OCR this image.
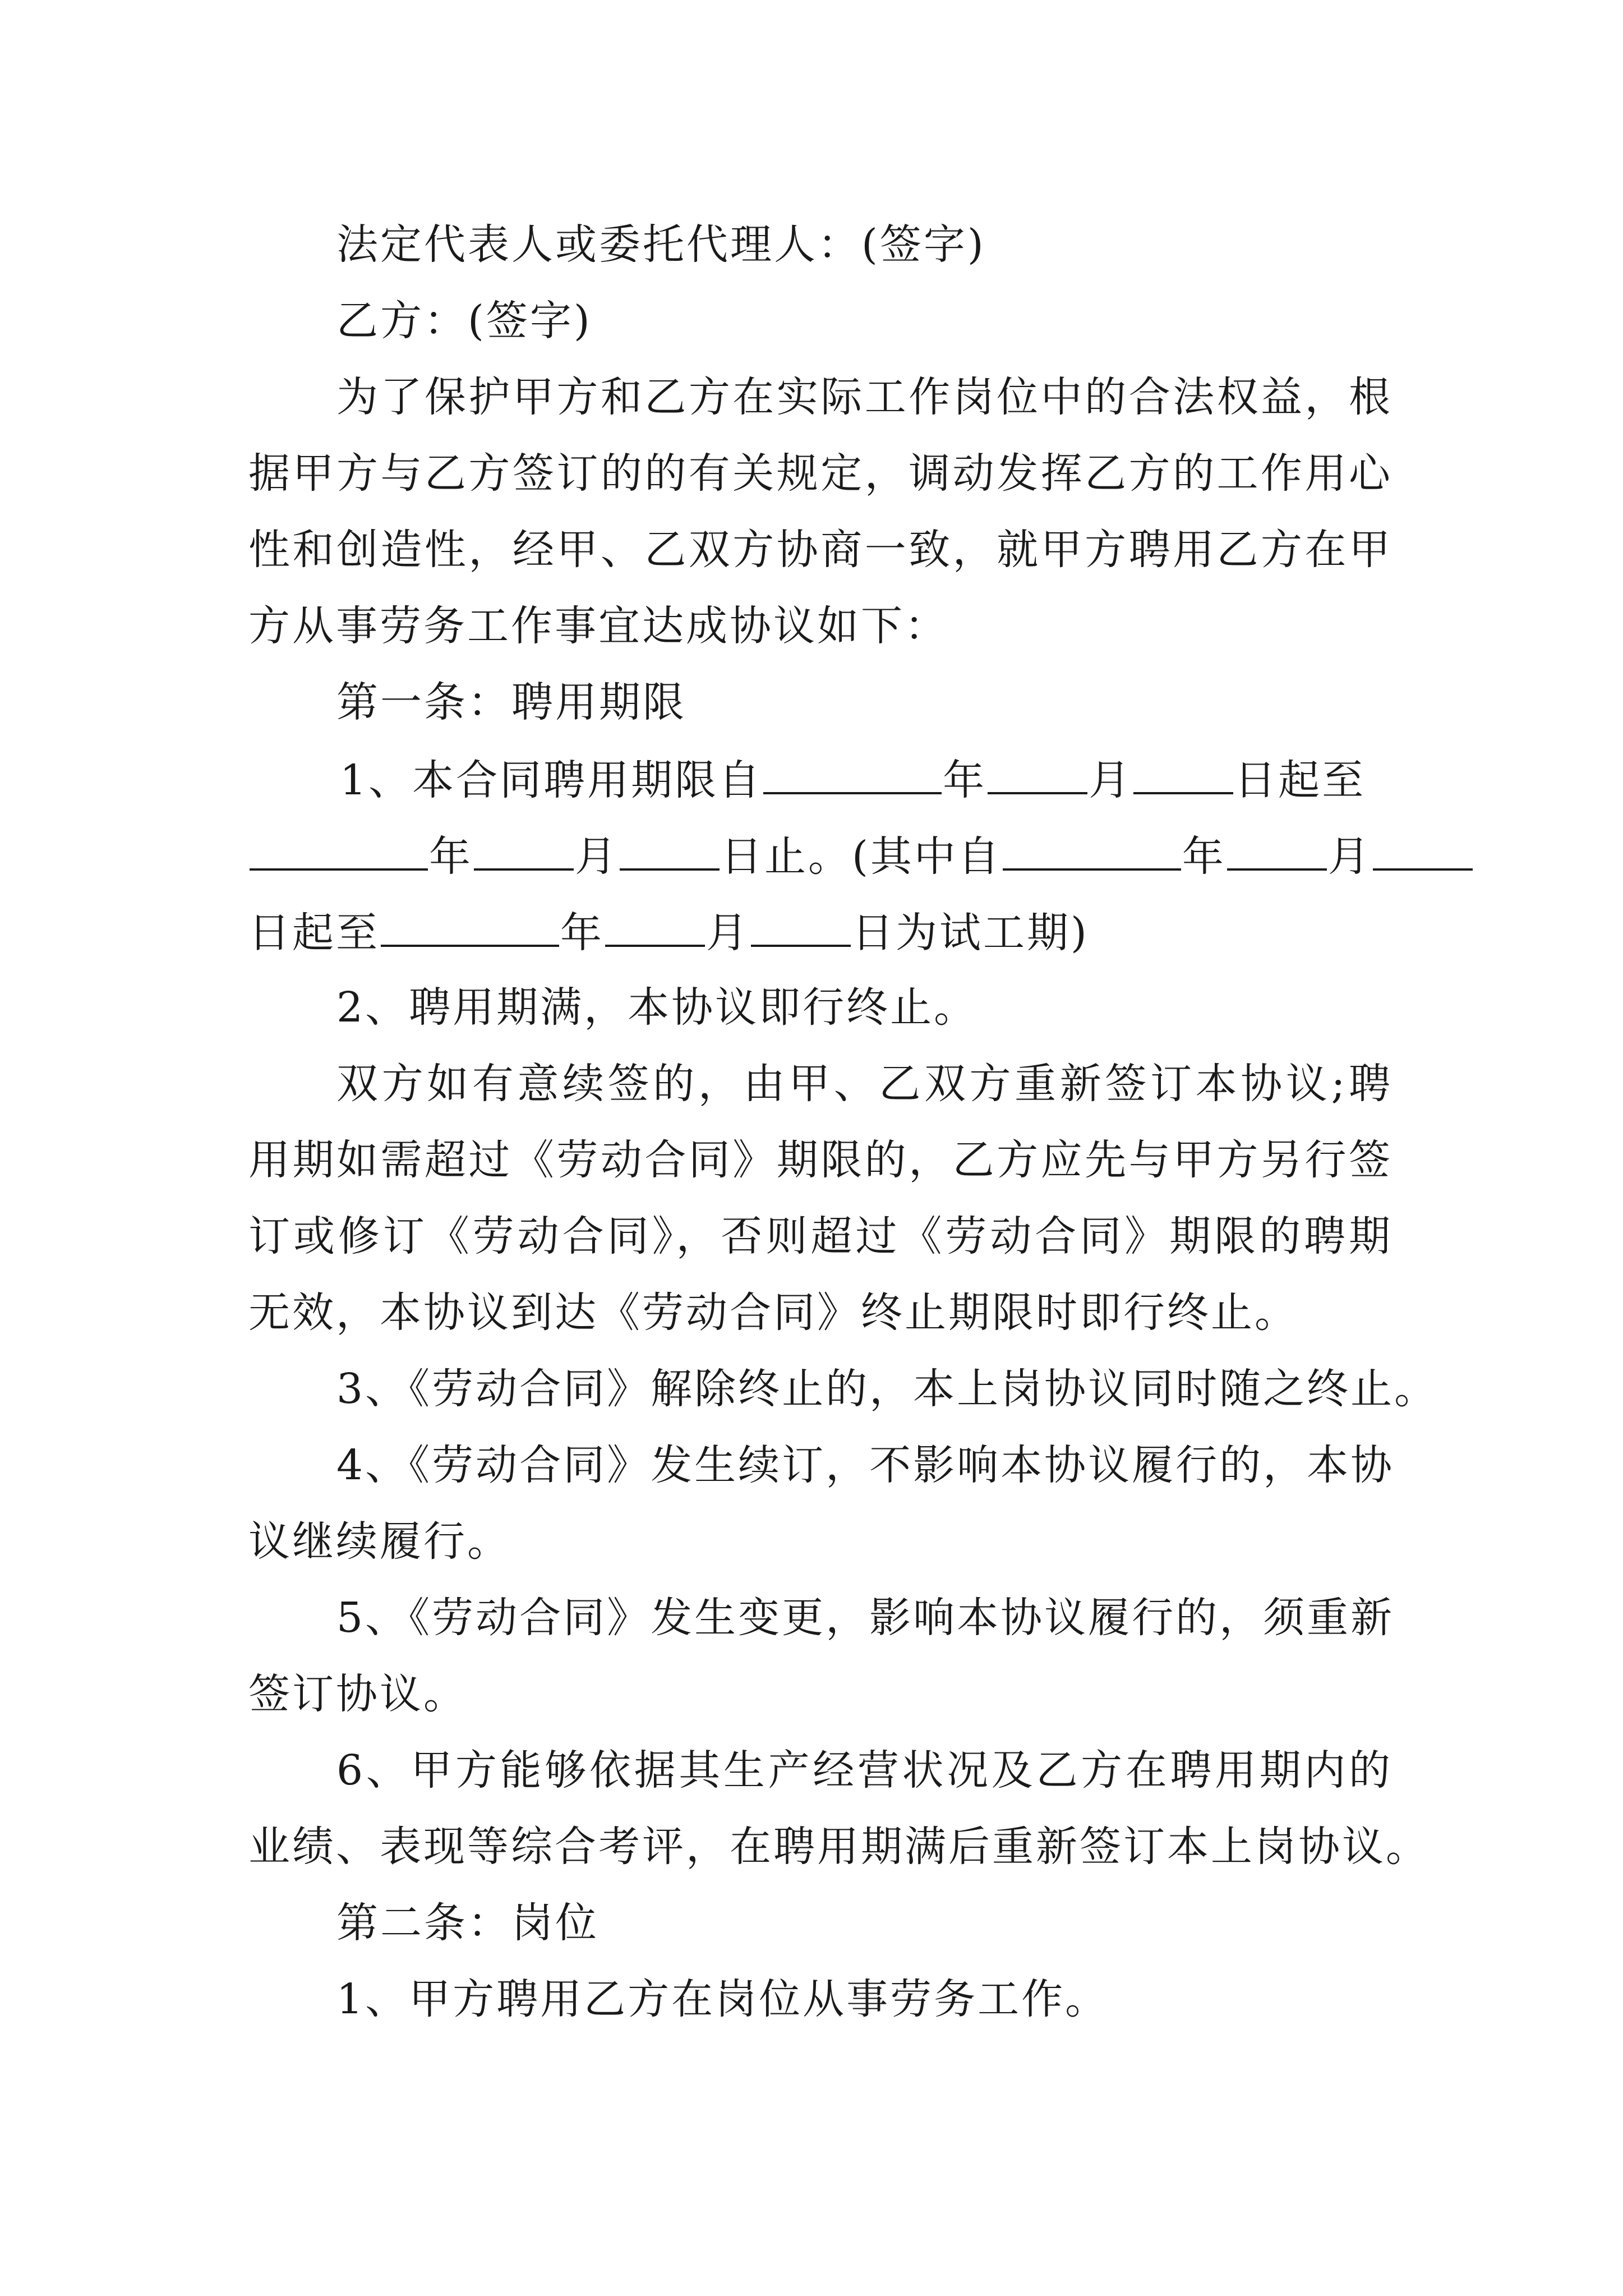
法定代表人或委托代理人：(签字)
乙方：(签字)
为了保护甲方和乙方在实际工作岗位中的合法权益，根
据甲方与乙方签订的的有关规定，调动发挥乙方的工作用心
性和创造性，经甲、乙双方协商一致，就甲方聘用乙方在甲
方从事劳务工作事宜达成协议如下：
第一条：聘用期限
1、本合同聘用期限自	年 月 日起至
年 月 日止。(其中自	年 月
日起至	年 月 日为试工期)
2、聘用期满，本协议即行终止。
双方如有意续签的，由甲、乙双方重新签订本协议;聘
用期如需超过《劳动合同》期限的，乙方应先与甲方另行签
订或修订《劳动合同》，否则超过《劳动合同》期限的聘期
无效，本协议到达《劳动合同》终止期限时即行终止。
3、《劳动合同》解除终止的，本上岗协议同时随之终止。
4、《劳动合同》发生续订，不影响本协议履行的，本协
议继续履行。
5、《劳动合同》发生变更，影响本协议履行的，须重新
签订协议。
6、甲方能够依据其生产经营状况及乙方在聘用期内的
业绩、表现等综合考评，在聘用期满后重新签订本上岗协议。
第二条：岗位
1、甲方聘用乙方在岗位从事劳务工作。
